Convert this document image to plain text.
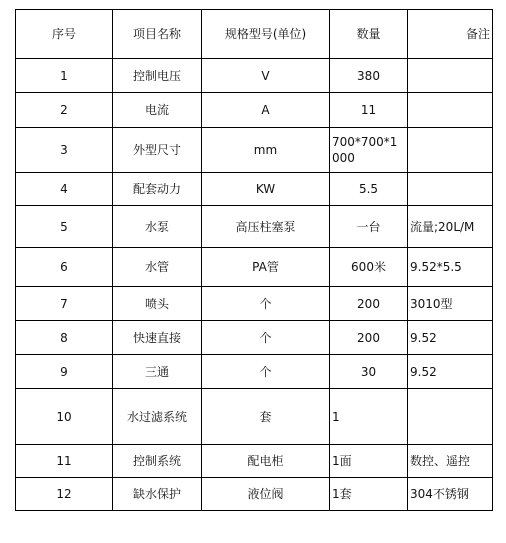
序号	项目名称	规格型号(单位)	数量	备注
1	控制电压	V	380	
2	电流	A	11	
3	外型尺寸	mm	700*700*1000	
4	配套动力	KW	5.5	
5	水泵	高压柱塞泵	一台	流量;20L/M
6	水管	PA管	600米	9.52*5.5
7	喷头	个	200	3010型
8	快速直接	个	200	9.52
9	三通	个	30	9.52
10	水过滤系统	套	1	
11	控制系统	配电柜	1面	数控、遥控
12	缺水保护	液位阀	1套	304不锈钢
